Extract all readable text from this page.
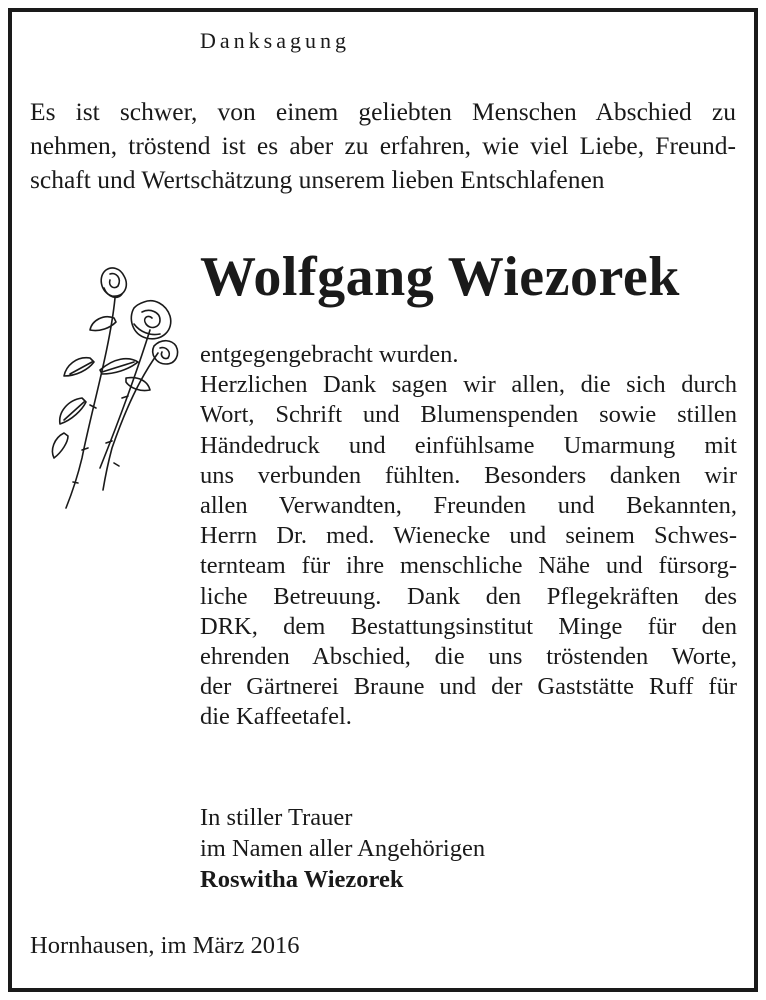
Danksagung

Es ist schwer, von einem geliebten Menschen Abschied zu
nehmen, tröstend ist es aber zu erfahren, wie viel Liebe, Freund-
schaft und Wertschätzung unserem lieben Entschlafenen

Wolfgang Wiezorek

entgegengebracht wurden.
Herzlichen Dank sagen wir allen, die sich durch
Wort, Schrift und Blumenspenden sowie stillen
Händedruck und einfühlsame Umarmung mit
uns verbunden fühlten. Besonders danken wir
allen Verwandten, Freunden und Bekannten,
Herrn Dr. med. Wienecke und seinem Schwes-
ternteam für ihre menschliche Nähe und fürsorg-
liche Betreuung. Dank den Pflegekräften des
DRK, dem Bestattungsinstitut Minge für den
ehrenden Abschied, die uns tröstenden Worte,
der Gärtnerei Braune und der Gaststätte Ruff für
die Kaffeetafel.

In stiller Trauer
im Namen aller Angehörigen
Roswitha Wiezorek

Hornhausen, im März 2016
